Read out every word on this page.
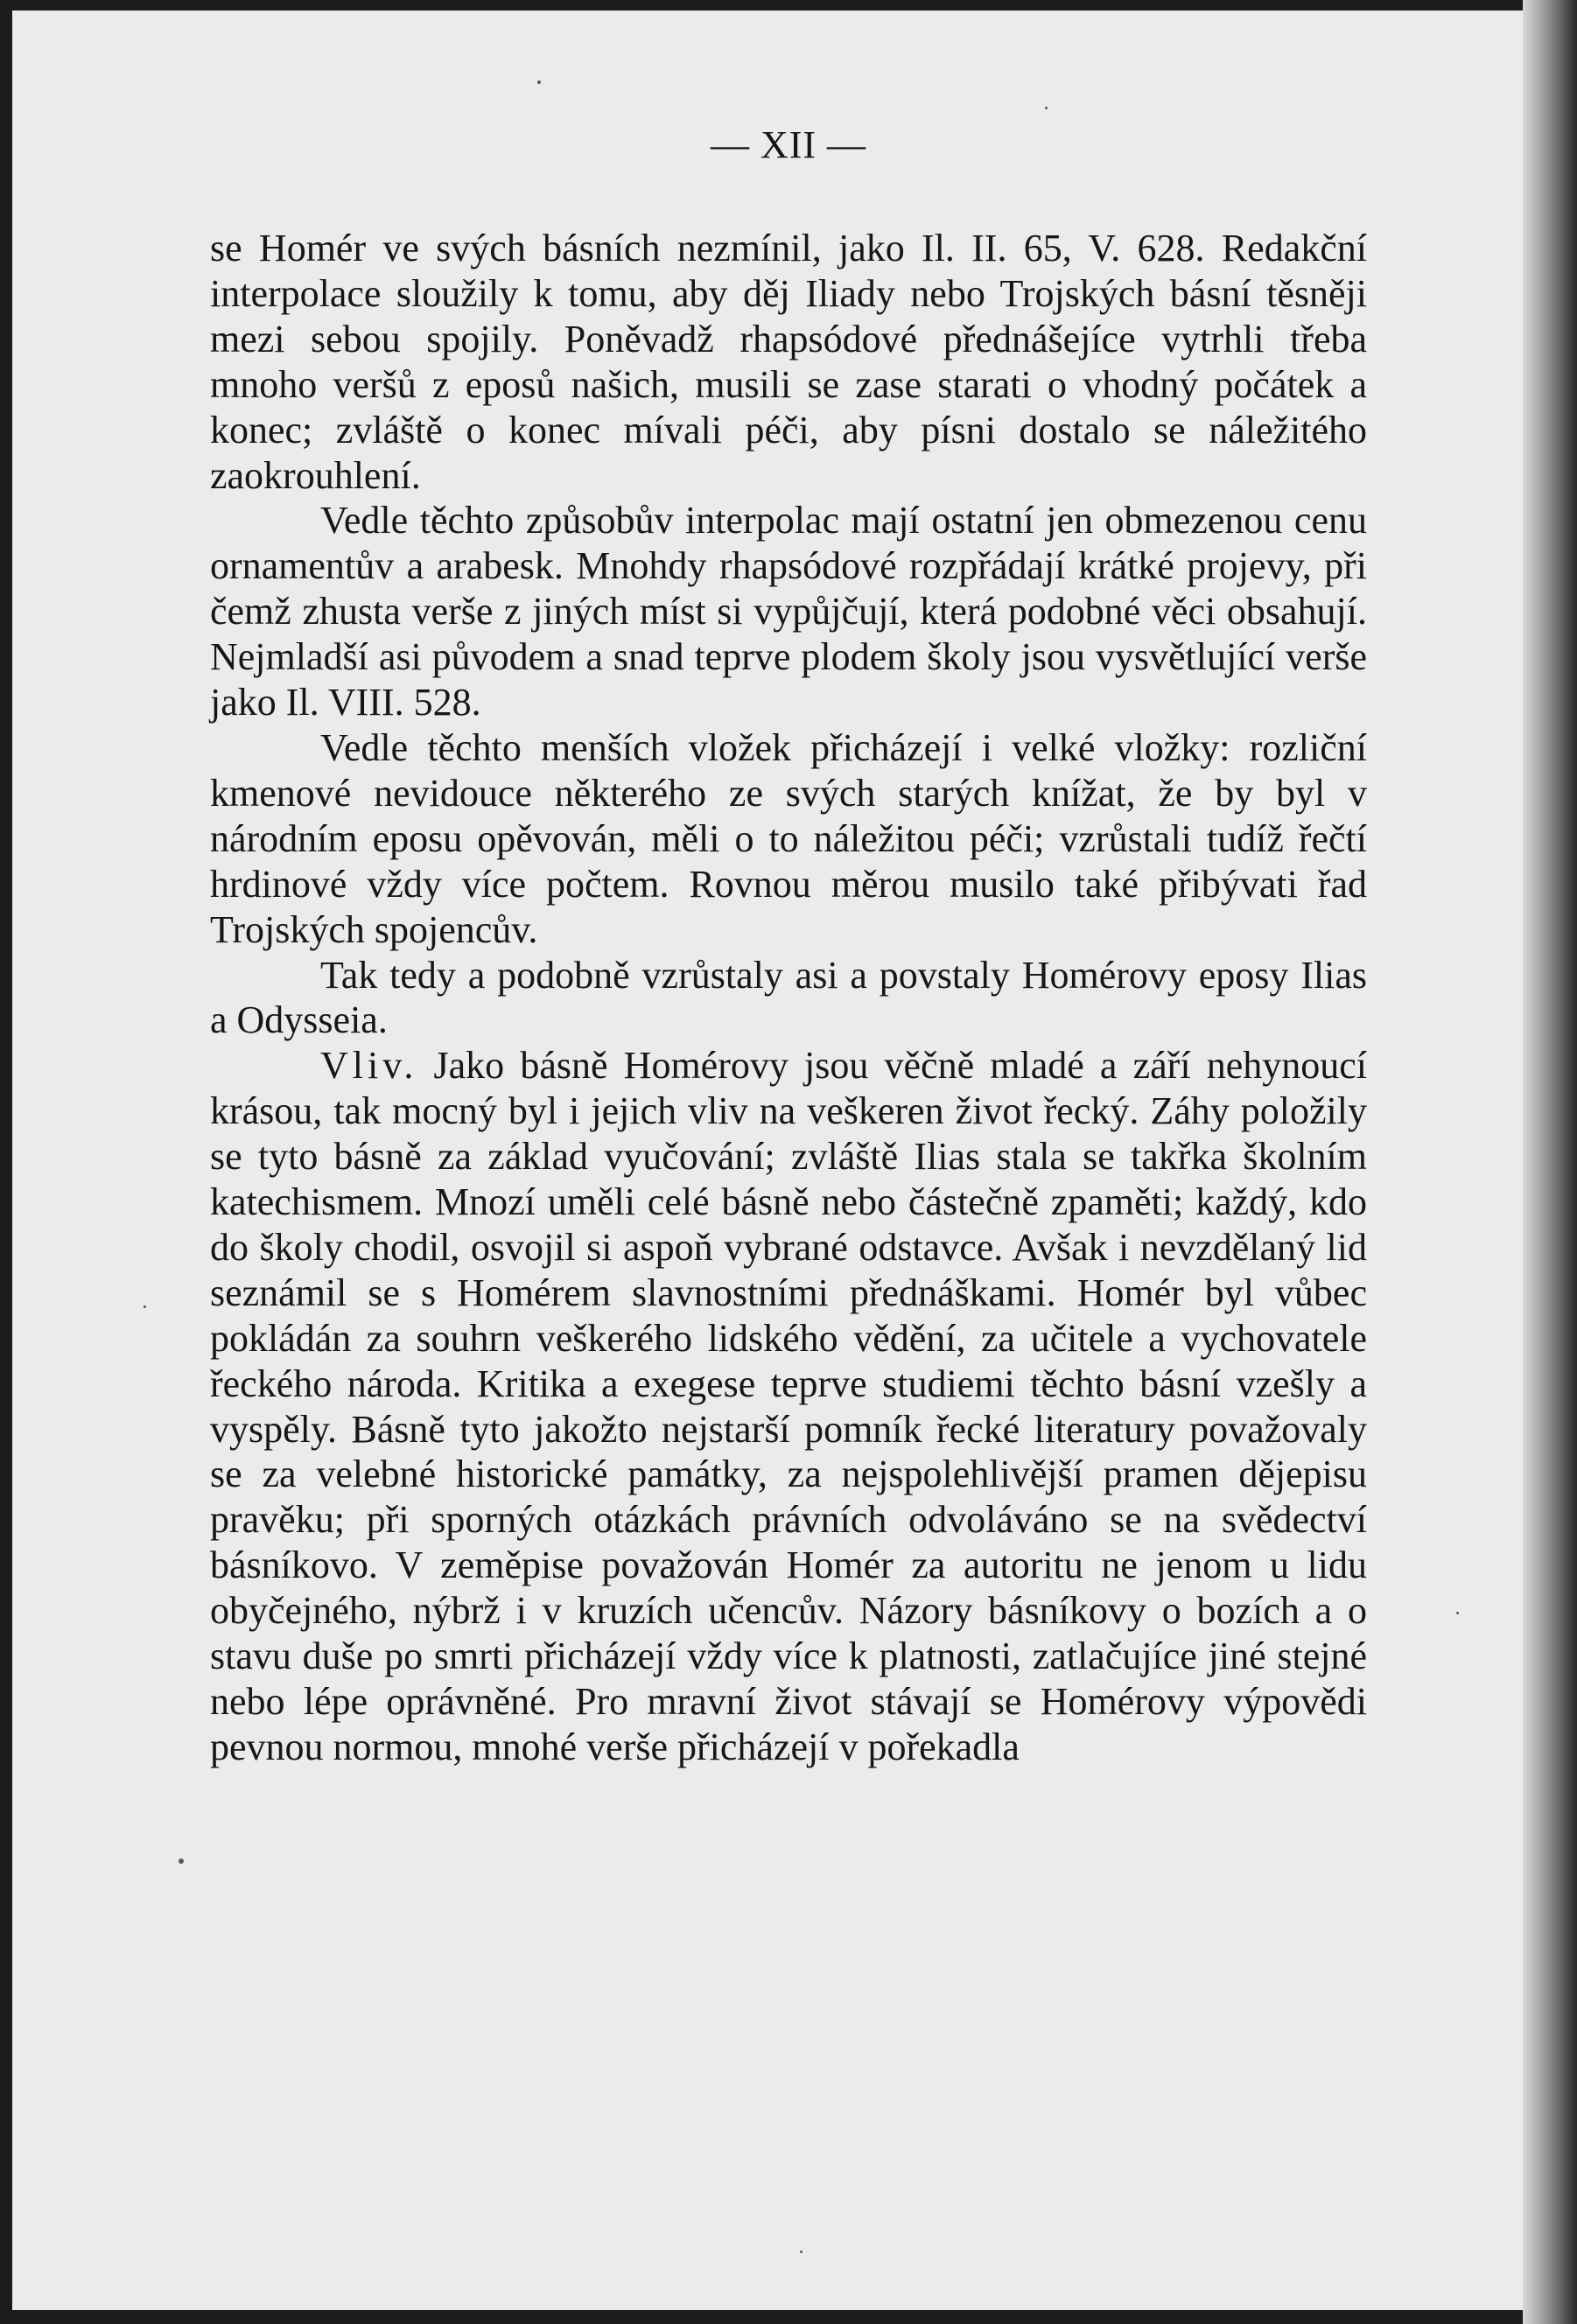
— XII —

se Homér ve svých básních nezmínil, jako Il. II. 65, V. 628. Redakční interpolace sloužily k tomu, aby děj Iliady nebo Trojských básní těsněji mezi sebou spojily. Poněvadž rhapsódové přednášejíce vytrhli třeba mnoho veršů z eposů našich, musili se zase starati o vhodný počátek a konec; zvláště o konec mívali péči, aby písni dostalo se náležitého zaokrouhlení.

Vedle těchto způsobův interpolac mají ostatní jen obmezenou cenu ornamentův a arabesk. Mnohdy rhapsódové rozpřádají krátké projevy, při čemž zhusta verše z jiných míst si vypůjčují, která podobné věci obsahují. Nejmladší asi původem a snad teprve plodem školy jsou vysvětlující verše jako Il. VIII. 528.

Vedle těchto menších vložek přicházejí i velké vložky: rozliční kmenové nevidouce některého ze svých starých knížat, že by byl v národním eposu opěvován, měli o to náležitou péči; vzrůstali tudíž řečtí hrdinové vždy více počtem. Rovnou měrou musilo také přibývati řad Trojských spojencův.

Tak tedy a podobně vzrůstaly asi a povstaly Homérovy eposy Ilias a Odysseia.

Vliv. Jako básně Homérovy jsou věčně mladé a září nehynoucí krásou, tak mocný byl i jejich vliv na veškeren život řecký. Záhy položily se tyto básně za základ vyučování; zvláště Ilias stala se takřka školním katechismem. Mnozí uměli celé básně nebo částečně zpaměti; každý, kdo do školy chodil, osvojil si aspoň vybrané odstavce. Avšak i nevzdělaný lid seznámil se s Homérem slavnostními přednáškami. Homér byl vůbec pokládán za souhrn veškerého lidského vědění, za učitele a vychovatele řeckého národa. Kritika a exegese teprve studiemi těchto básní vzešly a vyspěly. Básně tyto jakožto nejstarší pomník řecké literatury považovaly se za velebné historické památky, za nejspolehlivější pramen dějepisu pravěku; při sporných otázkách právních odvoláváno se na svědectví básníkovo. V zeměpise považován Homér za autoritu ne jenom u lidu obyčejného, nýbrž i v kruzích učencův. Názory básníkovy o bozích a o stavu duše po smrti přicházejí vždy více k platnosti, zatlačujíce jiné stejné nebo lépe oprávněné. Pro mravní život stávají se Homérovy výpovědi pevnou normou, mnohé verše přicházejí v pořekadla
